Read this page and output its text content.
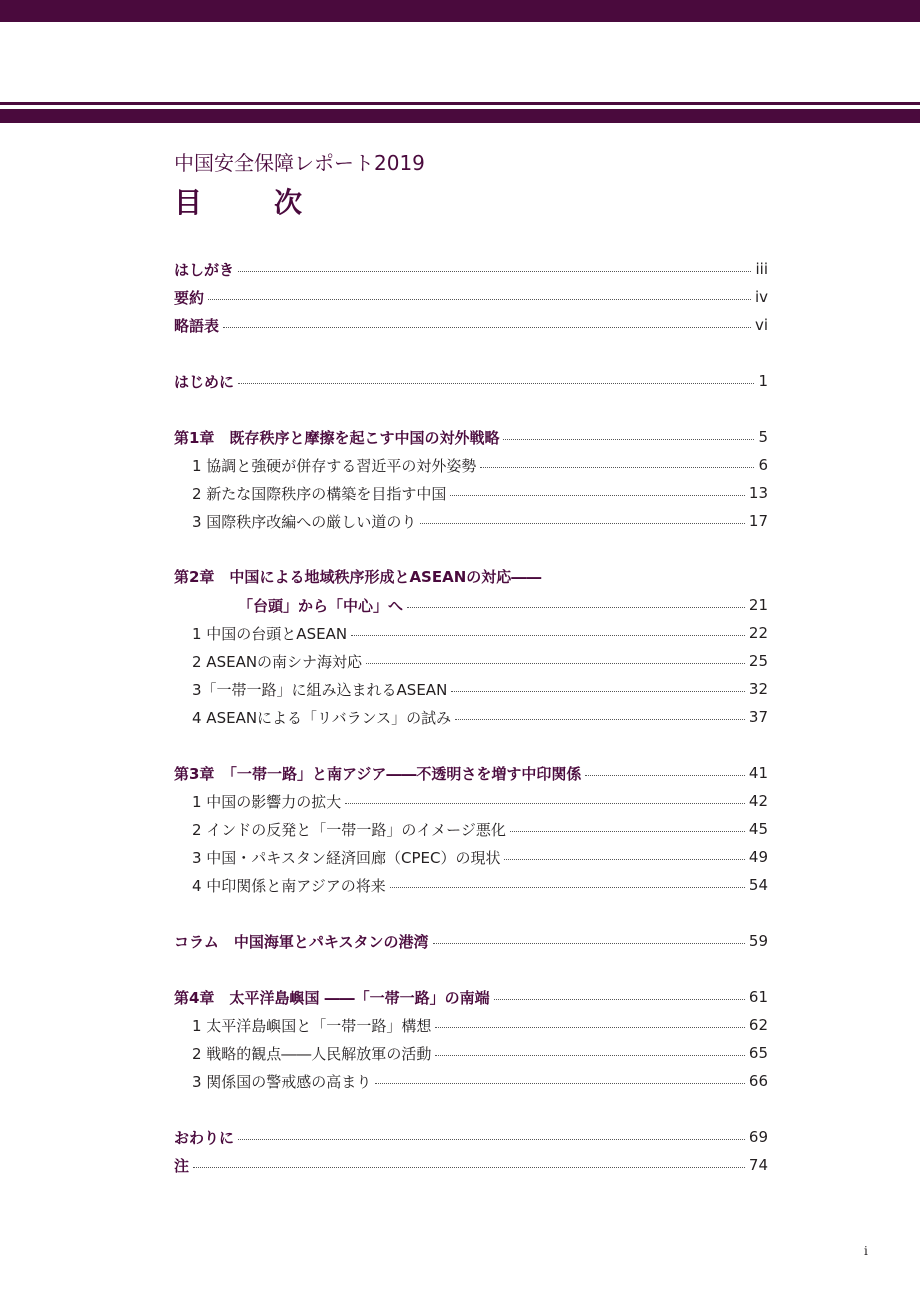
中国安全保障レポート2019
目　次
はしがき	iii
要約	iv
略語表	vi
はじめに	1
第1章　既存秩序と摩擦を起こす中国の対外戦略	5
1 協調と強硬が併存する習近平の対外姿勢	6
2 新たな国際秩序の構築を目指す中国	13
3 国際秩序改編への厳しい道のり	17
第2章　中国による地域秩序形成とASEANの対応――
「台頭」から「中心」へ	21
1 中国の台頭とASEAN	22
2 ASEANの南シナ海対応	25
3「一帯一路」に組み込まれるASEAN	32
4 ASEANによる「リバランス」の試み	37
第3章　「一帯一路」と南アジア――不透明さを増す中印関係	41
1 中国の影響力の拡大	42
2 インドの反発と「一帯一路」のイメージ悪化	45
3 中国・パキスタン経済回廊（CPEC）の現状	49
4 中印関係と南アジアの将来	54
コラム　中国海軍とパキスタンの港湾	59
第4章　太平洋島嶼国 ――「一帯一路」の南端	61
1 太平洋島嶼国と「一帯一路」構想	62
2 戦略的観点――人民解放軍の活動	65
3 関係国の警戒感の高まり	66
おわりに	69
注	74
i
